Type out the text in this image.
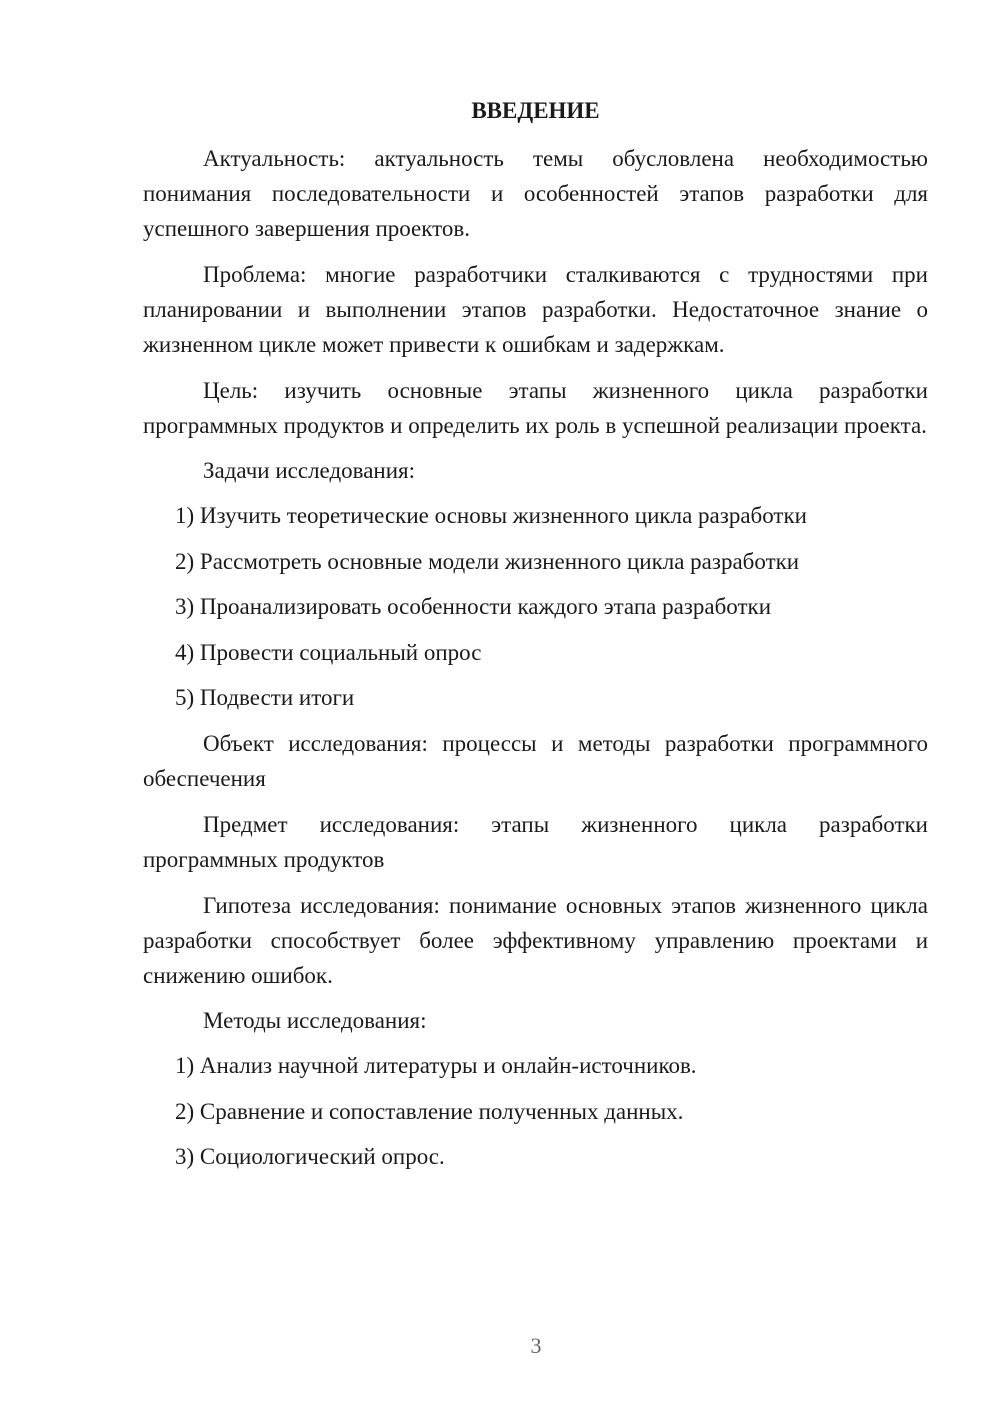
ВВЕДЕНИЕ

Актуальность: актуальность темы обусловлена необходимостью понимания последовательности и особенностей этапов разработки для успешного завершения проектов.

Проблема: многие разработчики сталкиваются с трудностями при планировании и выполнении этапов разработки. Недостаточное знание о жизненном цикле может привести к ошибкам и задержкам.

Цель: изучить основные этапы жизненного цикла разработки программных продуктов и определить их роль в успешной реализации проекта.

Задачи исследования:
1) Изучить теоретические основы жизненного цикла разработки
2) Рассмотреть основные модели жизненного цикла разработки
3) Проанализировать особенности каждого этапа разработки
4) Провести социальный опрос
5) Подвести итоги

Объект исследования: процессы и методы разработки программного обеспечения

Предмет исследования: этапы жизненного цикла разработки программных продуктов

Гипотеза исследования: понимание основных этапов жизненного цикла разработки способствует более эффективному управлению проектами и снижению ошибок.

Методы исследования:
1) Анализ научной литературы и онлайн-источников.
2) Сравнение и сопоставление полученных данных.
3) Социологический опрос.
3
